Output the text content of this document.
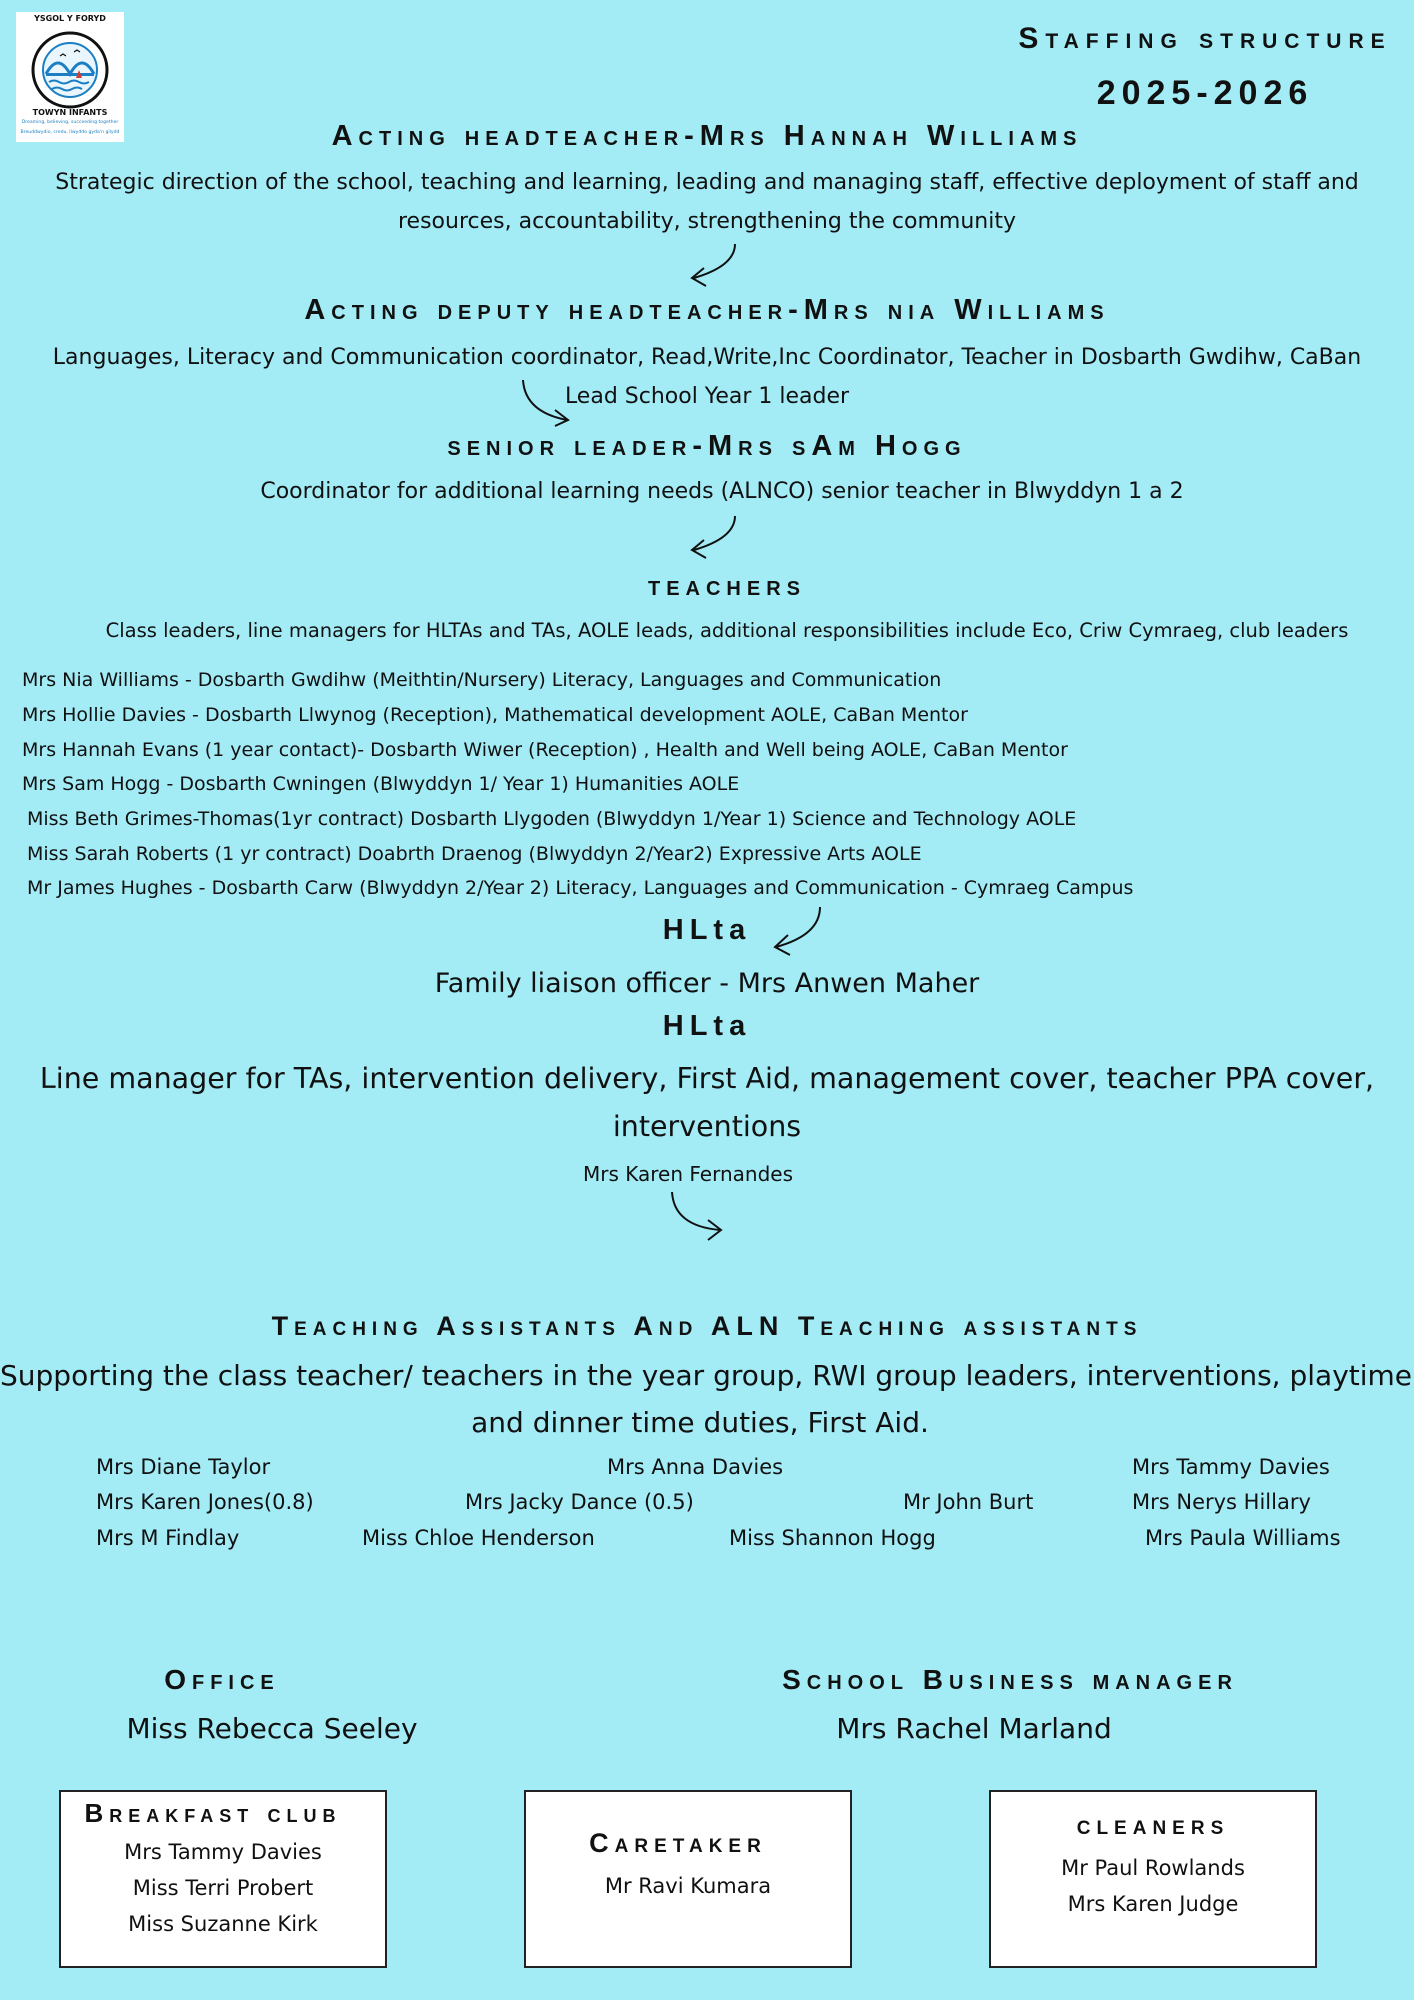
YSGOL Y FORYD
TOWYN INFANTS
Dreaming, believing, succeeding together
Breuddwydio, credu, llwyddo gyda'n gilydd
Staffing structure
2025-2026
Acting headteacher-Mrs Hannah Williams
Strategic direction of the school, teaching and learning, leading and managing staff, effective deployment of staff and
resources, accountability, strengthening the community
Acting deputy headteacher-Mrs nia Williams
Languages, Literacy and Communication coordinator, Read,Write,Inc Coordinator, Teacher in Dosbarth Gwdihw, CaBan
Lead School Year 1 leader
senior leader-Mrs sAm Hogg
Coordinator for additional learning needs (ALNCO) senior teacher in Blwyddyn 1 a 2
teachers
Class leaders, line managers for HLTAs and TAs, AOLE leads, additional responsibilities include Eco, Criw Cymraeg, club leaders
Mrs Nia Williams - Dosbarth Gwdihw (Meithtin/Nursery) Literacy, Languages and Communication
Mrs Hollie Davies - Dosbarth Llwynog (Reception), Mathematical development AOLE, CaBan Mentor
Mrs Hannah Evans (1 year contact)- Dosbarth Wiwer (Reception) , Health and Well being AOLE, CaBan Mentor
Mrs Sam Hogg - Dosbarth Cwningen (Blwyddyn 1/ Year 1) Humanities AOLE
Miss Beth Grimes-Thomas(1yr contract) Dosbarth Llygoden (Blwyddyn 1/Year 1) Science and Technology AOLE
Miss Sarah Roberts (1 yr contract) Doabrth Draenog (Blwyddyn 2/Year2) Expressive Arts AOLE
Mr James Hughes - Dosbarth Carw (Blwyddyn 2/Year 2) Literacy, Languages and Communication - Cymraeg Campus
HLta
Family liaison officer - Mrs Anwen Maher
HLta
Line manager for TAs, intervention delivery, First Aid, management cover, teacher PPA cover,
interventions
Mrs Karen Fernandes
Teaching Assistants And ALN Teaching assistants
Supporting the class teacher/ teachers in the year group, RWI group leaders, interventions, playtime
and dinner time duties, First Aid.
Mrs Diane Taylor	Mrs Anna Davies	Mrs Tammy Davies
Mrs Karen Jones(0.8)	Mrs Jacky Dance (0.5)	Mr John Burt	Mrs Nerys Hillary
Mrs M Findlay	Miss Chloe Henderson	Miss Shannon Hogg	Mrs Paula Williams
Office
Miss Rebecca Seeley
School Business manager
Mrs Rachel Marland
Breakfast club
Mrs Tammy Davies
Miss Terri Probert
Miss Suzanne Kirk
Caretaker
Mr Ravi Kumara
cleaners
Mr Paul Rowlands
Mrs Karen Judge
